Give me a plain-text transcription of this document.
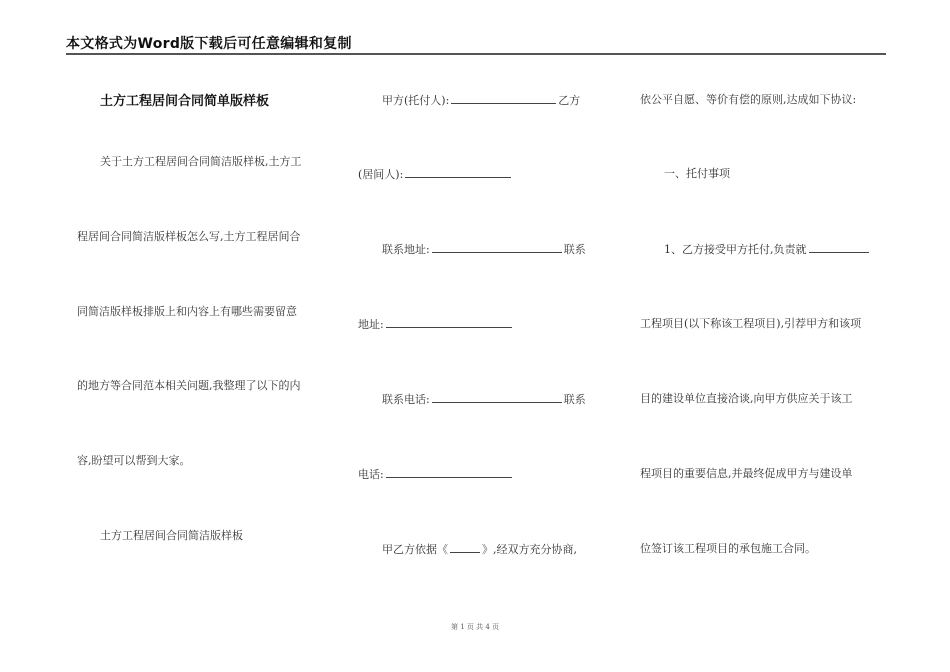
本文格式为Word版下载后可任意编辑和复制
土方工程居间合同简单版样板
关于土方工程居间合同简洁版样板,土方工
程居间合同简洁版样板怎么写,土方工程居间合
同简洁版样板排版上和内容上有哪些需要留意
的地方等合同范本相关问题,我整理了以下的内
容,盼望可以帮到大家。
土方工程居间合同简洁版样板
甲方(托付人):	乙方
(居间人):
联系地址:	联系
地址:
联系电话:	联系
电话:
甲乙方依据《	》,经双方充分协商,
依公平自愿、等价有偿的原则,达成如下协议:
一、托付事项
1、乙方接受甲方托付,负责就
工程项目(以下称该工程项目),引荐甲方和该项
目的建设单位直接洽谈,向甲方供应关于该工
程项目的重要信息,并最终促成甲方与建设单
位签订该工程项目的承包施工合同。
第 1 页 共 4 页
